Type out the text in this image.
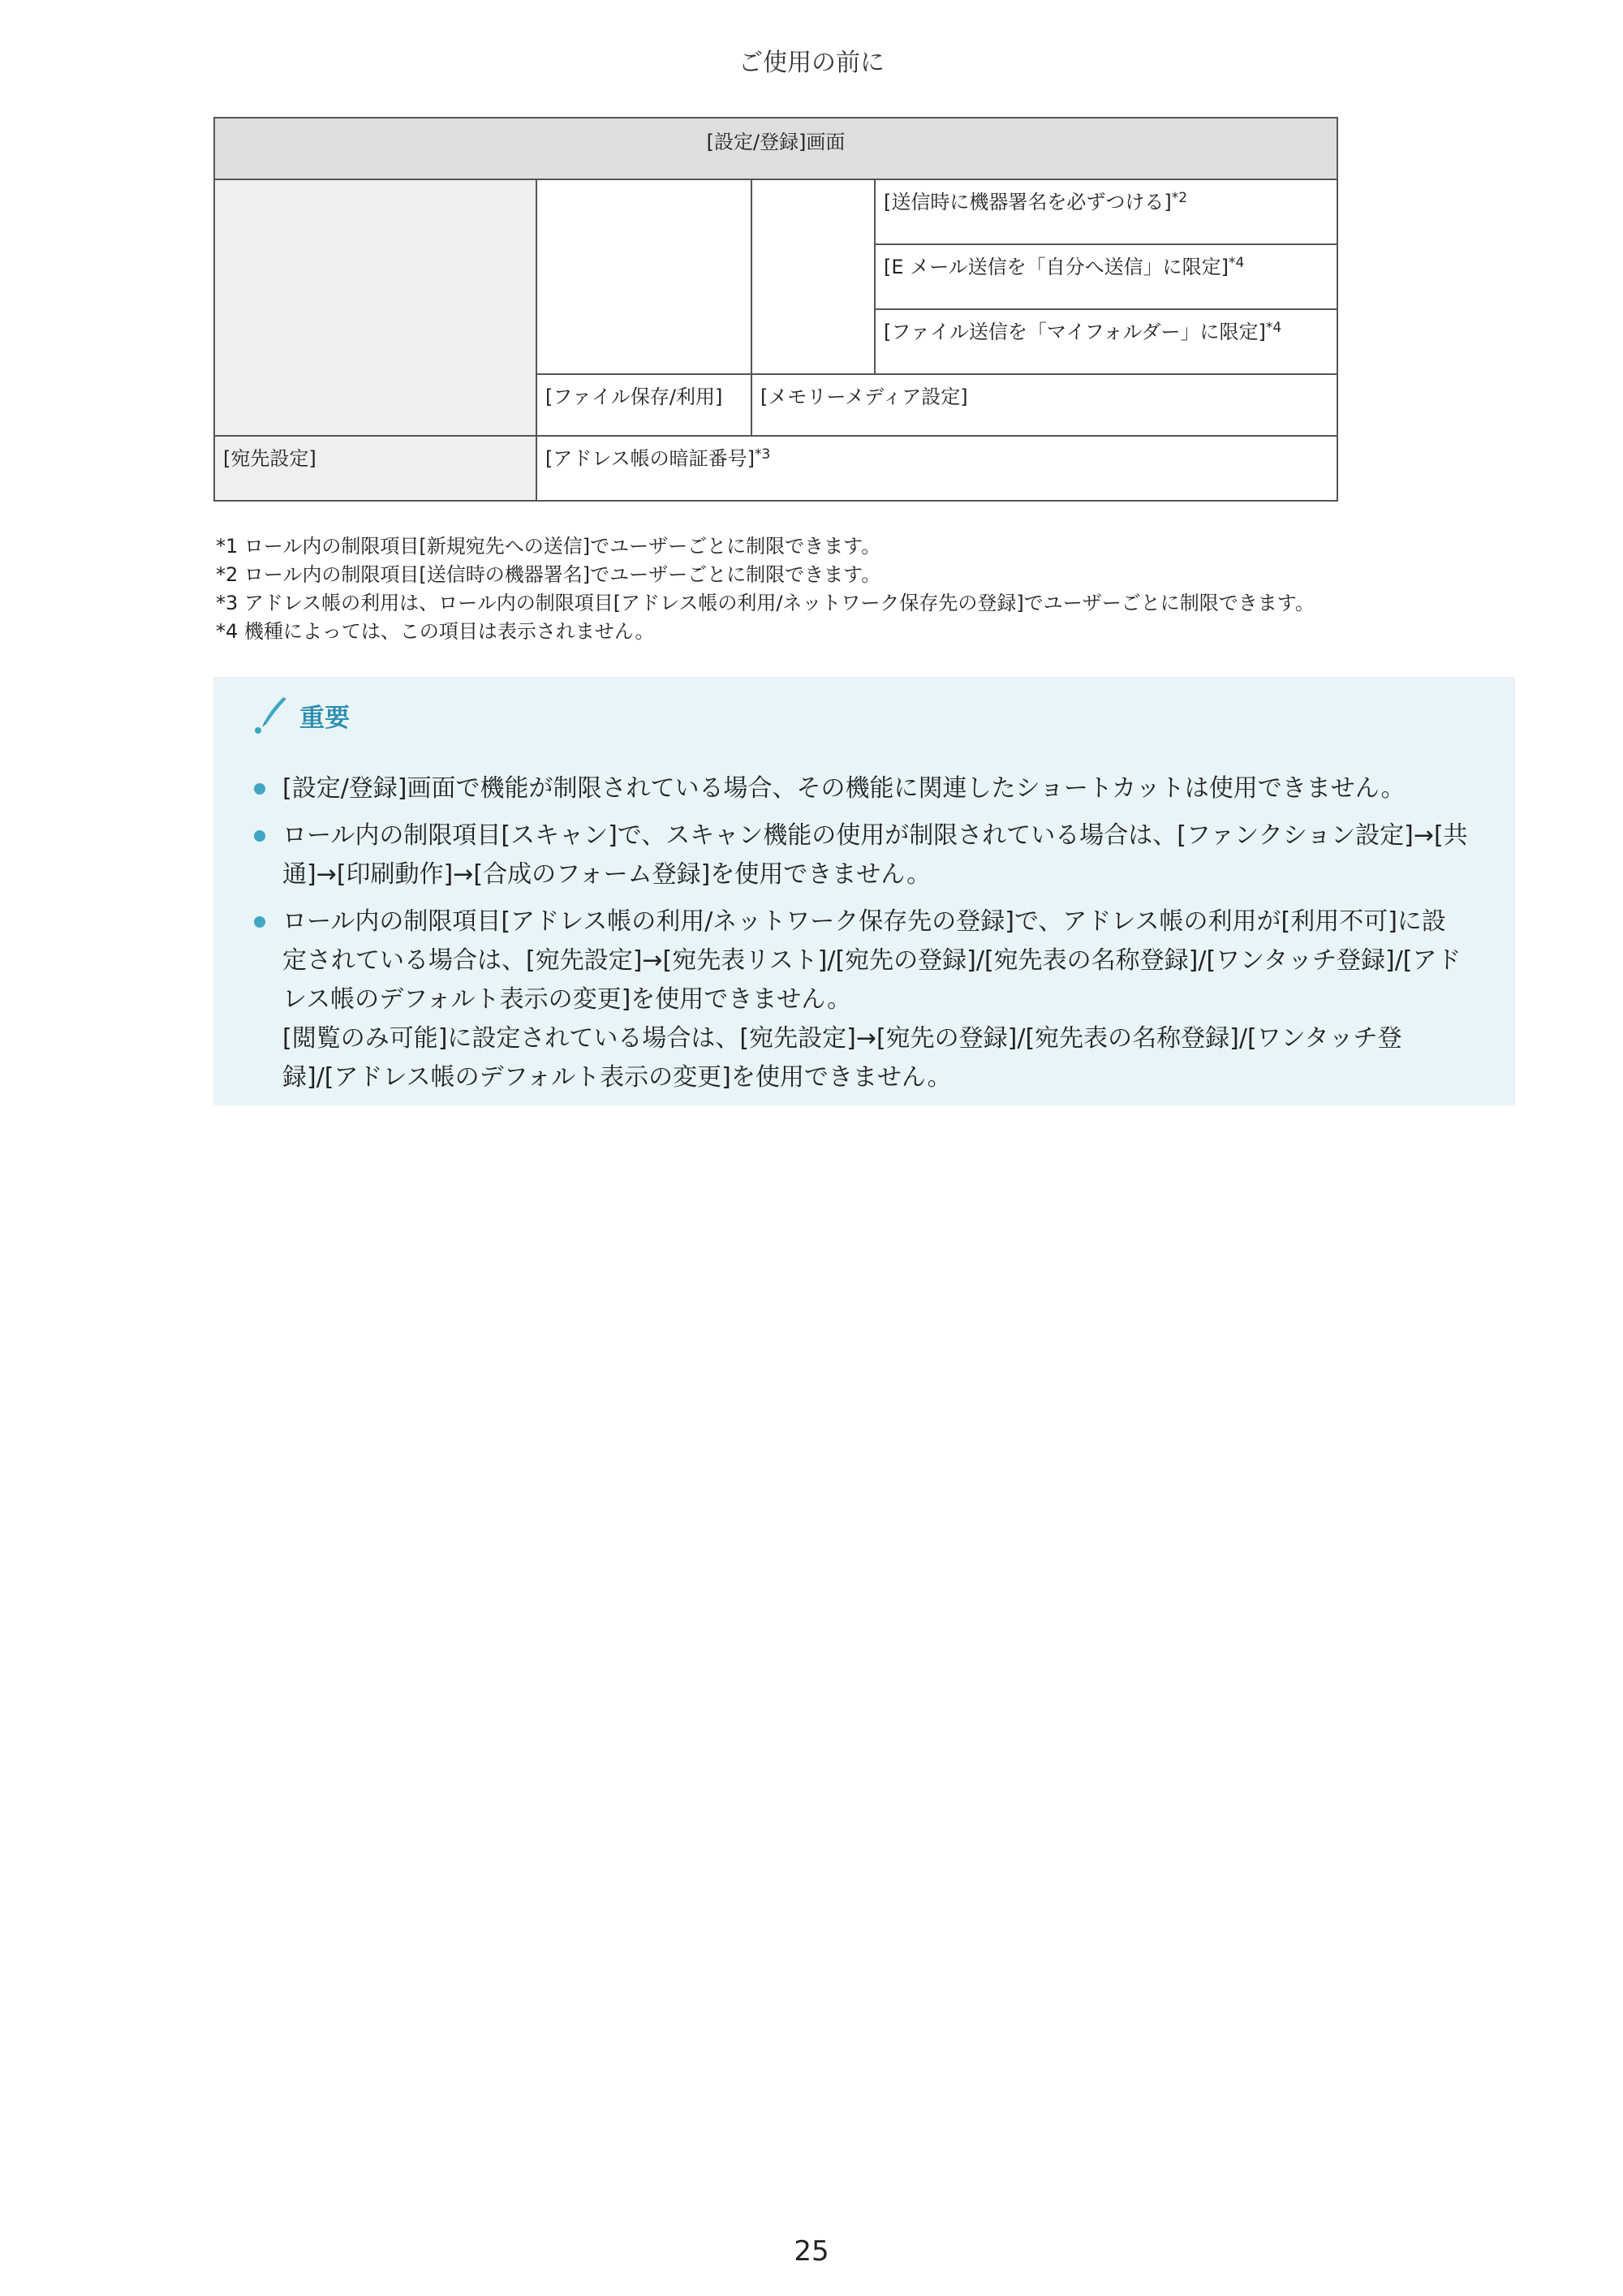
ご使用の前に
[設定/登録]画面			
			[送信時に機器署名を必ずつける]$^{*2}$
			[E メール送信を「自分へ送信」に限定]$^{*4}$
			[ファイル送信を「マイフォルダー」に限定]$^{*4}$
	[ファイル保存/利用]	[メモリーメディア設定]	
[宛先設定]	[アドレス帳の暗証番号]$^{*3}$
*1 ロール内の制限項目[新規宛先への送信]でユーザーごとに制限できます。
*2 ロール内の制限項目[送信時の機器署名]でユーザーごとに制限できます。
*3 アドレス帳の利用は、ロール内の制限項目[アドレス帳の利用/ネットワーク保存先の登録]でユーザーごとに制限できます。
*4 機種によっては、この項目は表示されません。
重要
[設定/登録]画面で機能が制限されている場合、その機能に関連したショートカットは使用できません。
ロール内の制限項目[スキャン]で、スキャン機能の使用が制限されている場合は、[ファンクション設定]→[共
通]→[印刷動作]→[合成のフォーム登録]を使用できません。
ロール内の制限項目[アドレス帳の利用/ネットワーク保存先の登録]で、アドレス帳の利用が[利用不可]に設
定されている場合は、[宛先設定]→[宛先表リスト]/[宛先の登録]/[宛先表の名称登録]/[ワンタッチ登録]/[アド
レス帳のデフォルト表示の変更]を使用できません。
[閲覧のみ可能]に設定されている場合は、[宛先設定]→[宛先の登録]/[宛先表の名称登録]/[ワンタッチ登
録]/[アドレス帳のデフォルト表示の変更]を使用できません。
25
